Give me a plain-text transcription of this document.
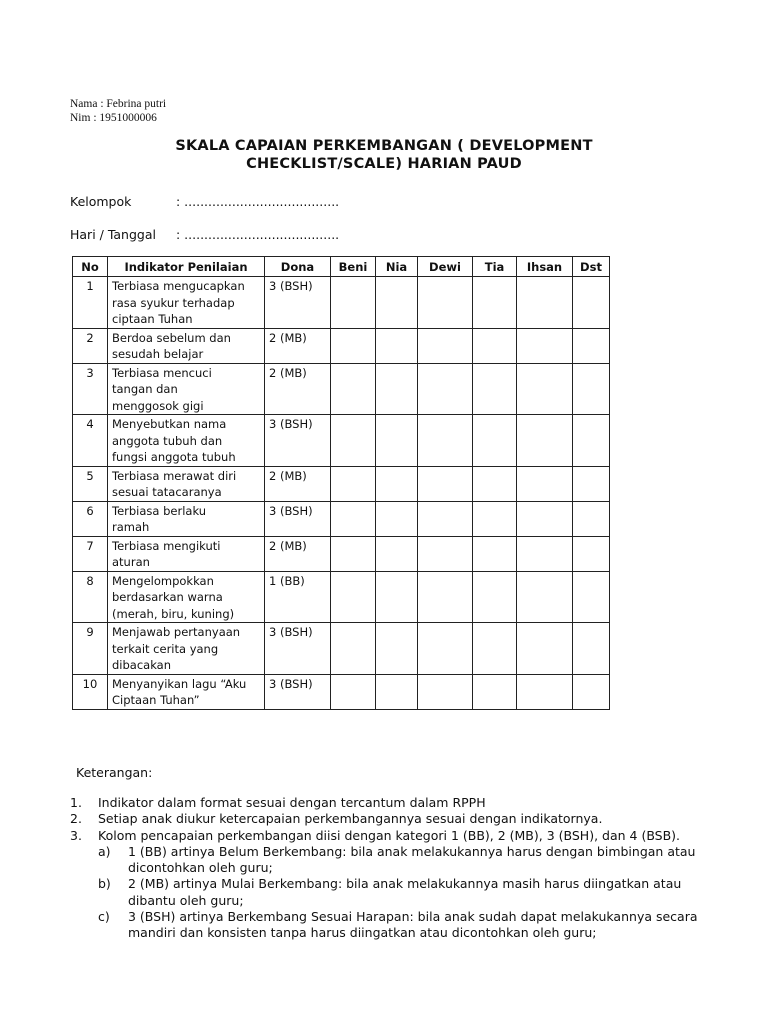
Nama : Febrina putri
Nim : 1951000006
SKALA CAPAIAN PERKEMBANGAN ( DEVELOPMENT
CHECKLIST/SCALE) HARIAN PAUD
Kelompok	: .......................................
Hari / Tanggal : .......................................
No	Indikator Penilaian	Dona	Beni	Nia	Dewi	Tia	Ihsan	Dst
1	Terbiasa mengucapkan
rasa syukur terhadap
ciptaan Tuhan	3 (BSH)						
2	Berdoa sebelum dan
sesudah belajar	2 (MB)						
3	Terbiasa mencuci
tangan dan
menggosok gigi	2 (MB)						
4	Menyebutkan nama
anggota tubuh dan
fungsi anggota tubuh	3 (BSH)						
5	Terbiasa merawat diri
sesuai tatacaranya	2 (MB)						
6	Terbiasa berlaku
ramah	3 (BSH)						
7	Terbiasa mengikuti
aturan	2 (MB)						
8	Mengelompokkan
berdasarkan warna
(merah, biru, kuning)	1 (BB)						
9	Menjawab pertanyaan
terkait cerita yang
dibacakan	3 (BSH)						
10	Menyanyikan lagu “Aku
Ciptaan Tuhan”	3 (BSH)						
Keterangan:
1. Indikator dalam format sesuai dengan tercantum dalam RPPH
2. Setiap anak diukur ketercapaian perkembangannya sesuai dengan indikatornya.
3. Kolom pencapaian perkembangan diisi dengan kategori 1 (BB), 2 (MB), 3 (BSH), dan 4 (BSB).
a) 1 (BB) artinya Belum Berkembang: bila anak melakukannya harus dengan bimbingan atau dicontohkan oleh guru;
b) 2 (MB) artinya Mulai Berkembang: bila anak melakukannya masih harus diingatkan atau dibantu oleh guru;
c) 3 (BSH) artinya Berkembang Sesuai Harapan: bila anak sudah dapat melakukannya secara mandiri dan konsisten tanpa harus diingatkan atau dicontohkan oleh guru;
